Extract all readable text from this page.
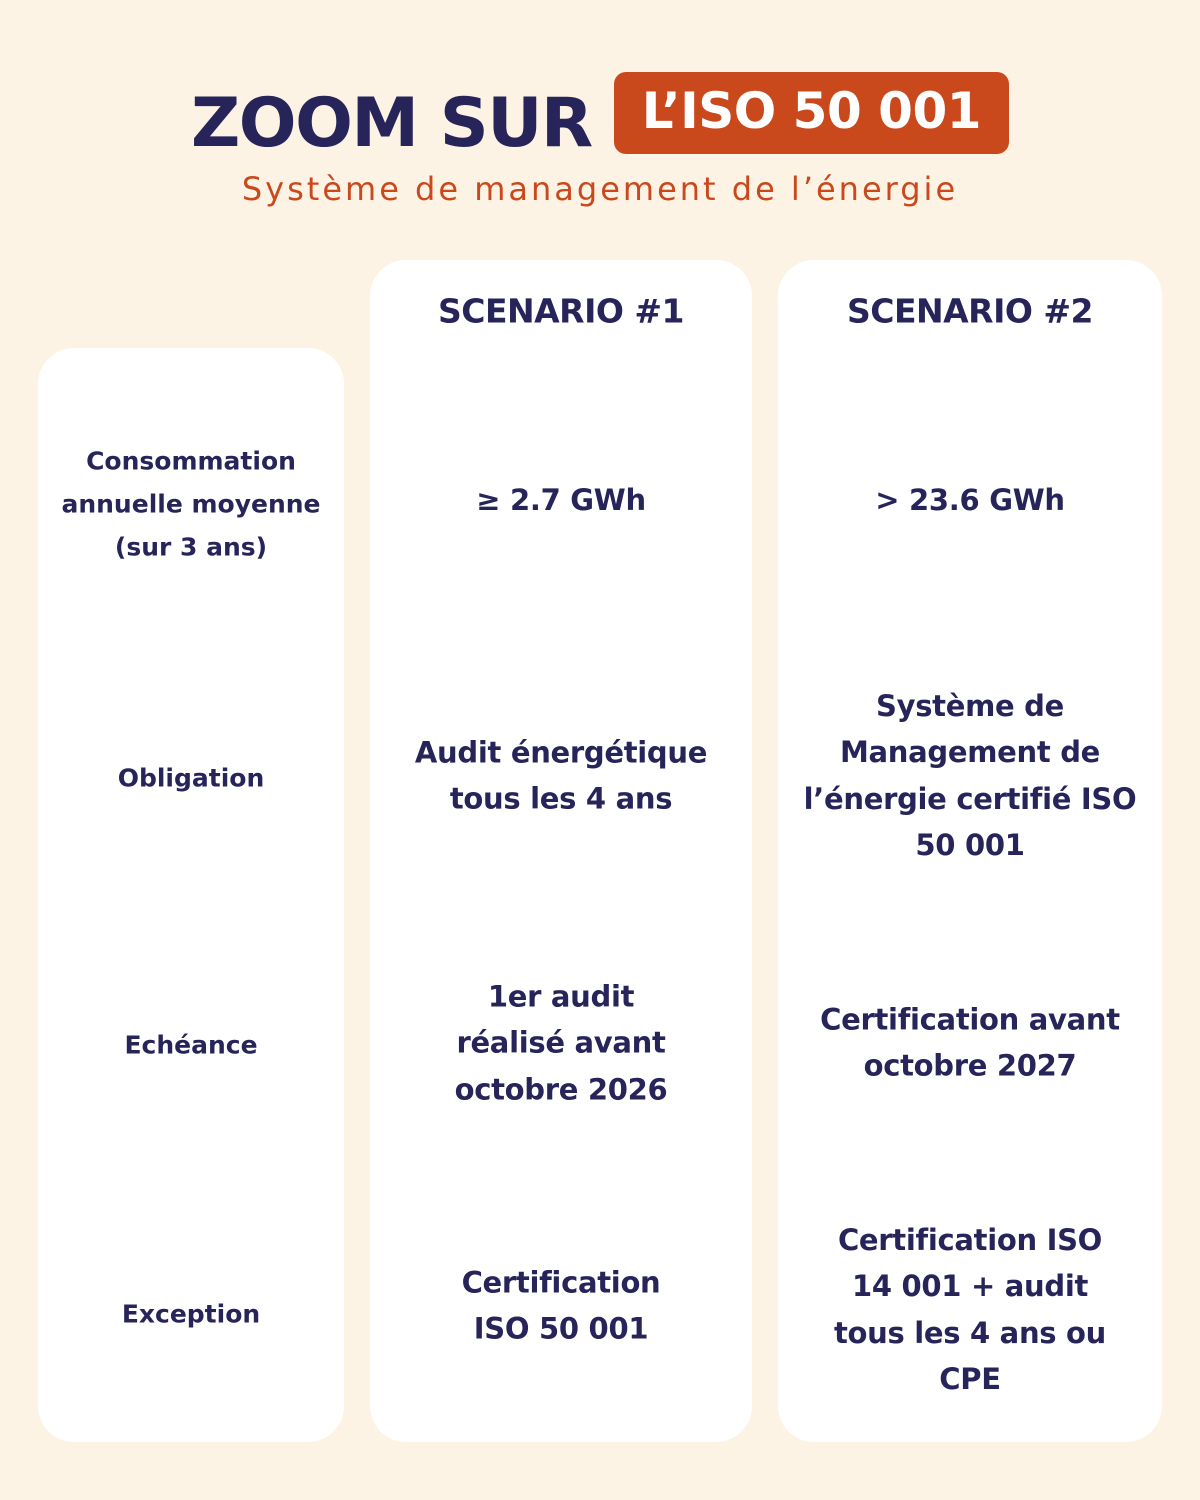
ZOOM SUR	L’ISO 50 001
Système de management de l’énergie
Consommation annuelle moyenne (sur 3 ans)
Obligation
Echéance
Exception
SCENARIO #1
≥ 2.7 GWh
Audit énergétique tous les 4 ans
1er audit réalisé avant octobre 2026
Certification ISO 50 001
SCENARIO #2
> 23.6 GWh
Système de Management de l’énergie certifié ISO 50 001
Certification avant octobre 2027
Certification ISO 14 001 + audit tous les 4 ans ou CPE
